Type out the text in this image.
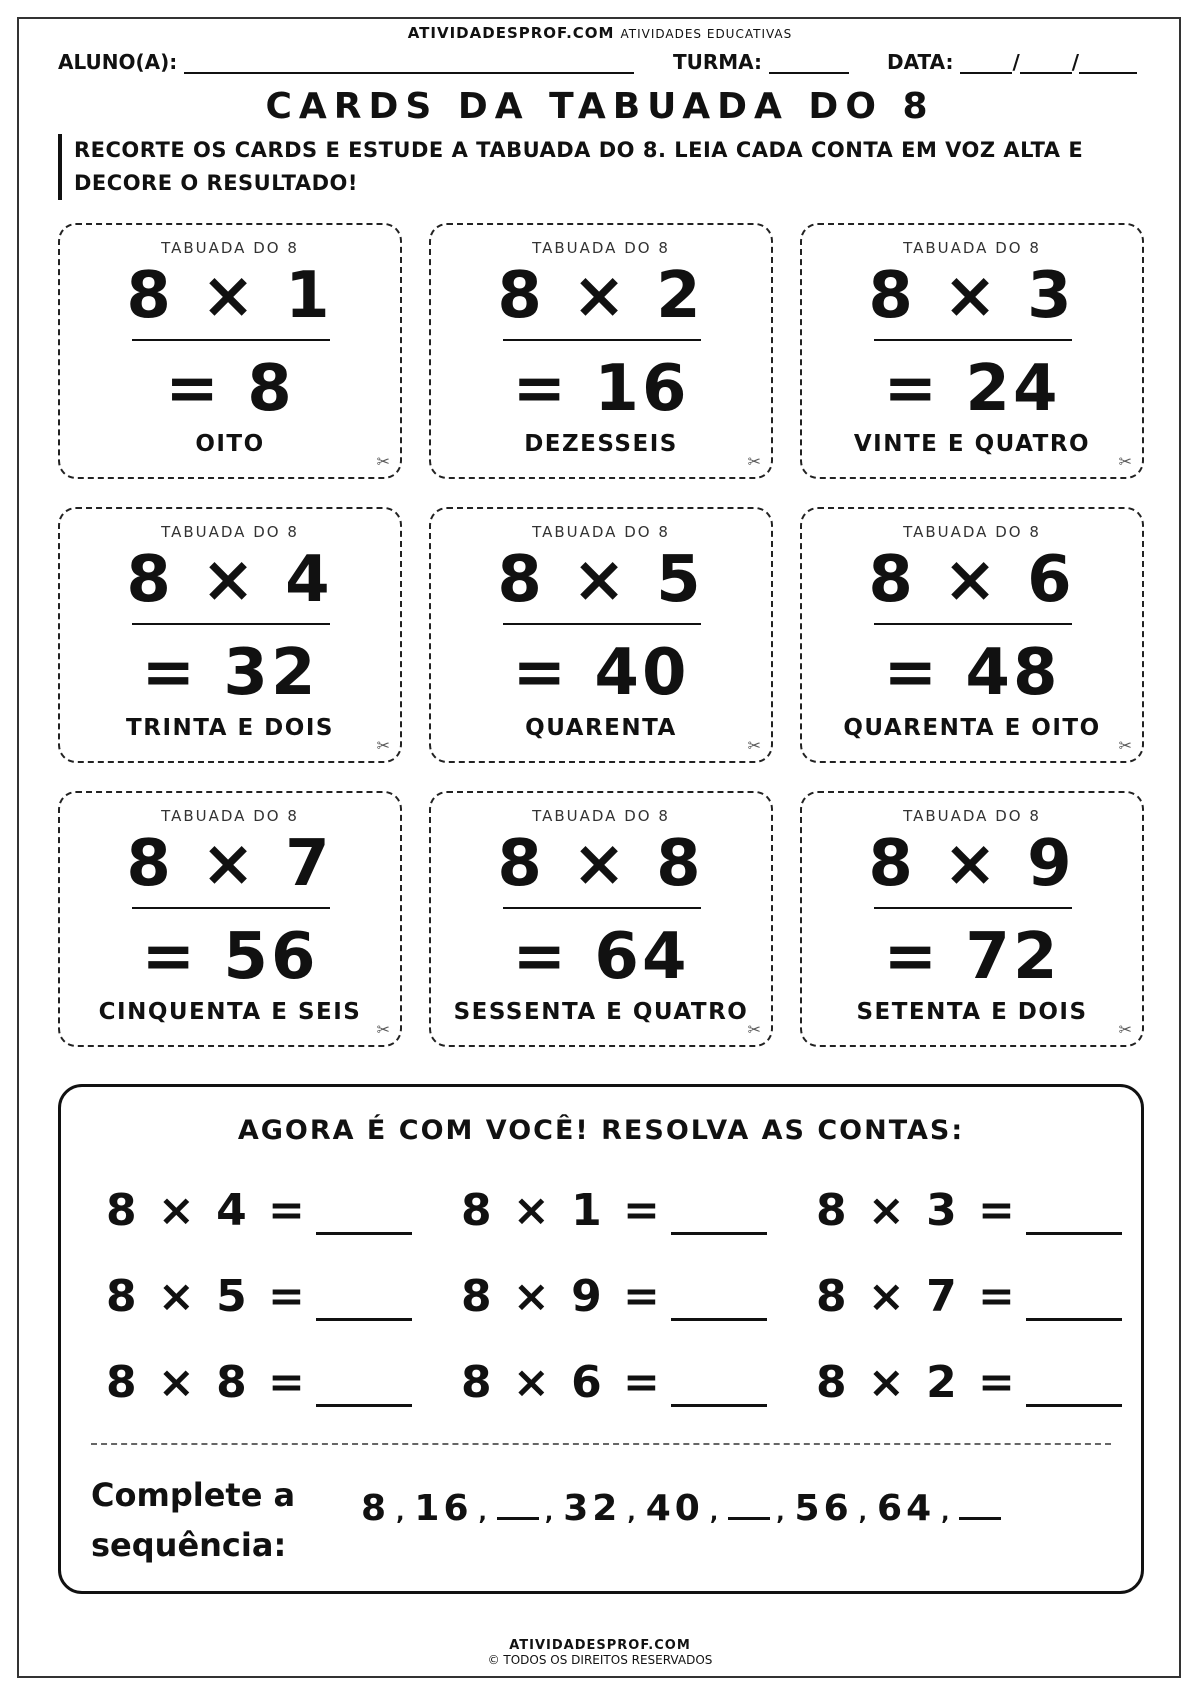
ATIVIDADESPROF.COM ATIVIDADES EDUCATIVAS
ALUNO(A):	TURMA:	DATA:	/	/
CARDS DA TABUADA DO 8
RECORTE OS CARDS E ESTUDE A TABUADA DO 8. LEIA CADA CONTA EM VOZ ALTA E DECORE O RESULTADO!
TABUADA DO 8
8 × 1
= 8
OITO
✂
TABUADA DO 8
8 × 2
= 16
DEZESSEIS
✂
TABUADA DO 8
8 × 3
= 24
VINTE E QUATRO
✂
TABUADA DO 8
8 × 4
= 32
TRINTA E DOIS
✂
TABUADA DO 8
8 × 5
= 40
QUARENTA
✂
TABUADA DO 8
8 × 6
= 48
QUARENTA E OITO
✂
TABUADA DO 8
8 × 7
= 56
CINQUENTA E SEIS
✂
TABUADA DO 8
8 × 8
= 64
SESSENTA E QUATRO
✂
TABUADA DO 8
8 × 9
= 72
SETENTA E DOIS
✂
AGORA É COM VOCÊ! RESOLVA AS CONTAS:
8 × 4 =	8 × 1 =	8 × 3 =
8 × 5 =	8 × 9 =	8 × 7 =
8 × 8 =	8 × 6 =	8 × 2 =
Complete a
sequência:
8 , 16 , , 32 , 40 , , 56 , 64 ,
ATIVIDADESPROF.COM
© TODOS OS DIREITOS RESERVADOS
